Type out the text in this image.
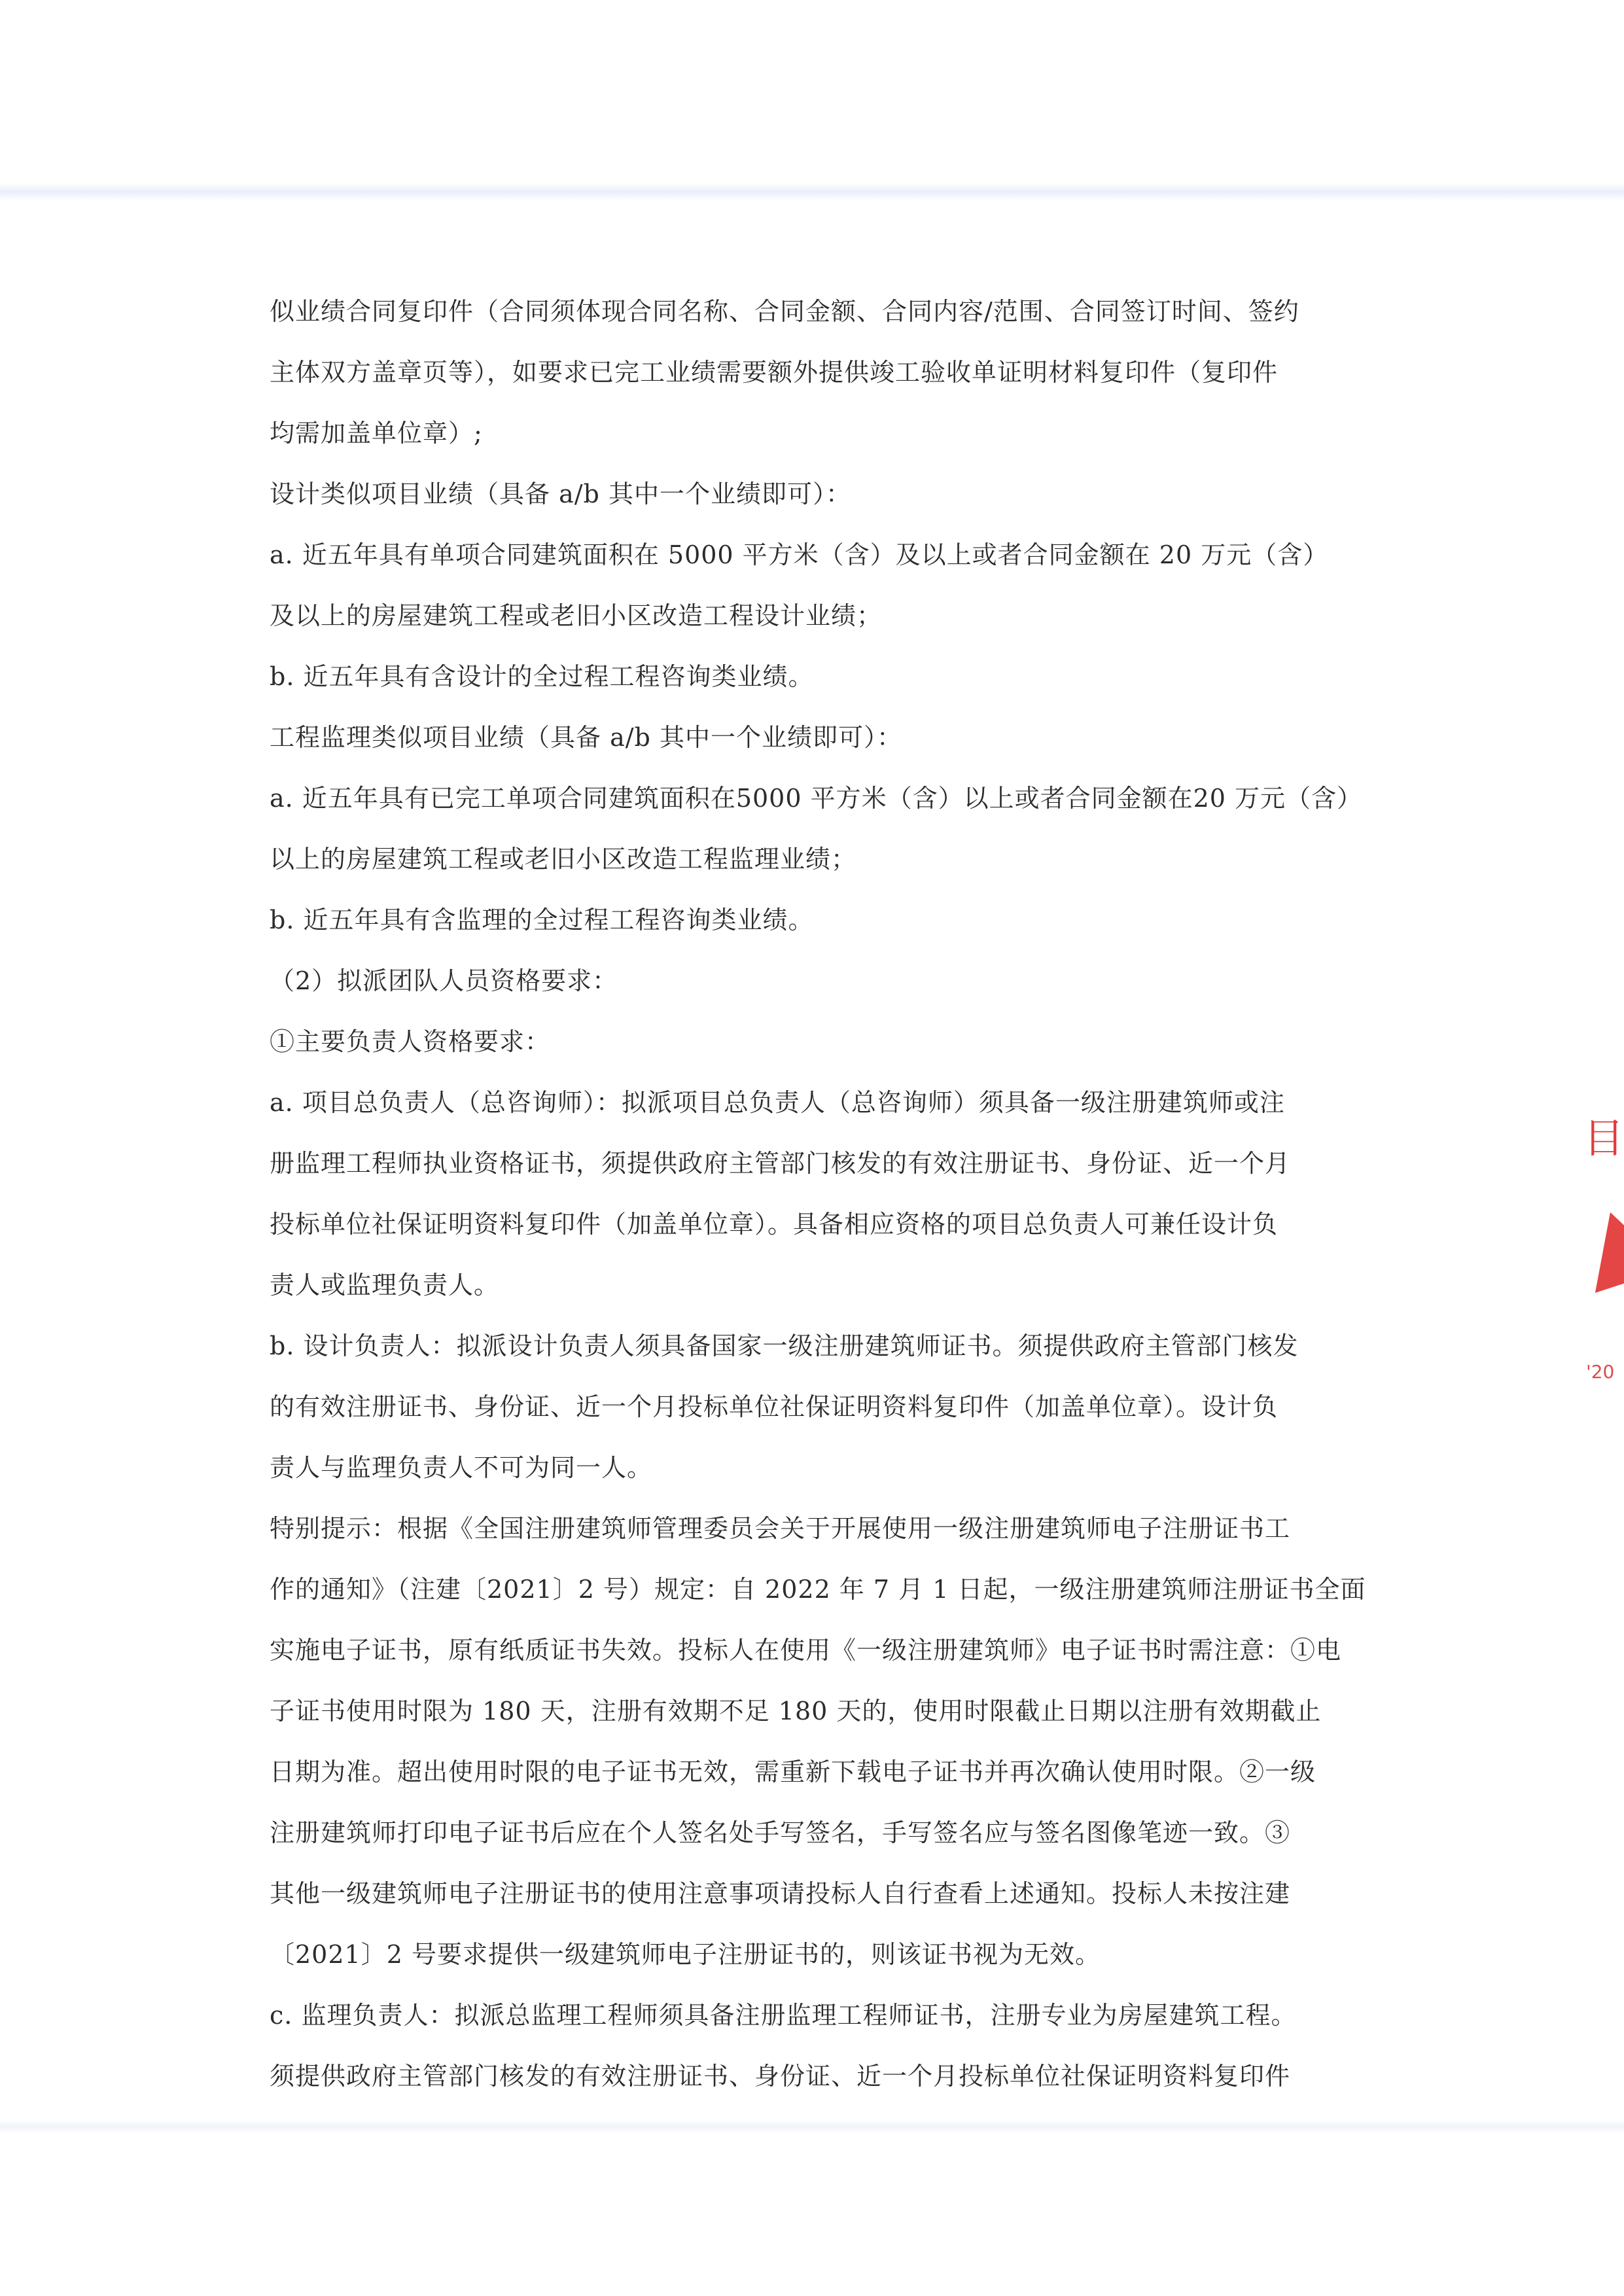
似业绩合同复印件（合同须体现合同名称、合同金额、合同内容/范围、合同签订时间、签约
主体双方盖章页等），如要求已完工业绩需要额外提供竣工验收单证明材料复印件（复印件
均需加盖单位章）;
设计类似项目业绩（具备 a/b 其中一个业绩即可）：
a. 近五年具有单项合同建筑面积在 5000 平方米（含）及以上或者合同金额在 20 万元（含）
及以上的房屋建筑工程或老旧小区改造工程设计业绩；
b. 近五年具有含设计的全过程工程咨询类业绩。
工程监理类似项目业绩（具备 a/b 其中一个业绩即可）：
a. 近五年具有已完工单项合同建筑面积在5000 平方米（含）以上或者合同金额在20 万元（含）
以上的房屋建筑工程或老旧小区改造工程监理业绩；
b. 近五年具有含监理的全过程工程咨询类业绩。
（2）拟派团队人员资格要求：
①主要负责人资格要求：
a. 项目总负责人（总咨询师）：拟派项目总负责人（总咨询师）须具备一级注册建筑师或注
册监理工程师执业资格证书，须提供政府主管部门核发的有效注册证书、身份证、近一个月
投标单位社保证明资料复印件（加盖单位章）。具备相应资格的项目总负责人可兼任设计负
责人或监理负责人。
b. 设计负责人：拟派设计负责人须具备国家一级注册建筑师证书。须提供政府主管部门核发
的有效注册证书、身份证、近一个月投标单位社保证明资料复印件（加盖单位章）。设计负
责人与监理负责人不可为同一人。
特别提示：根据《全国注册建筑师管理委员会关于开展使用一级注册建筑师电子注册证书工
作的通知》（注建〔2021〕2 号）规定：自 2022 年 7 月 1 日起，一级注册建筑师注册证书全面
实施电子证书，原有纸质证书失效。投标人在使用《一级注册建筑师》电子证书时需注意：①电
子证书使用时限为 180 天，注册有效期不足 180 天的，使用时限截止日期以注册有效期截止
日期为准。超出使用时限的电子证书无效，需重新下载电子证书并再次确认使用时限。②一级
注册建筑师打印电子证书后应在个人签名处手写签名，手写签名应与签名图像笔迹一致。③
其他一级建筑师电子注册证书的使用注意事项请投标人自行查看上述通知。投标人未按注建
〔2021〕2 号要求提供一级建筑师电子注册证书的，则该证书视为无效。
c. 监理负责人：拟派总监理工程师须具备注册监理工程师证书，注册专业为房屋建筑工程。
须提供政府主管部门核发的有效注册证书、身份证、近一个月投标单位社保证明资料复印件
目
'20
